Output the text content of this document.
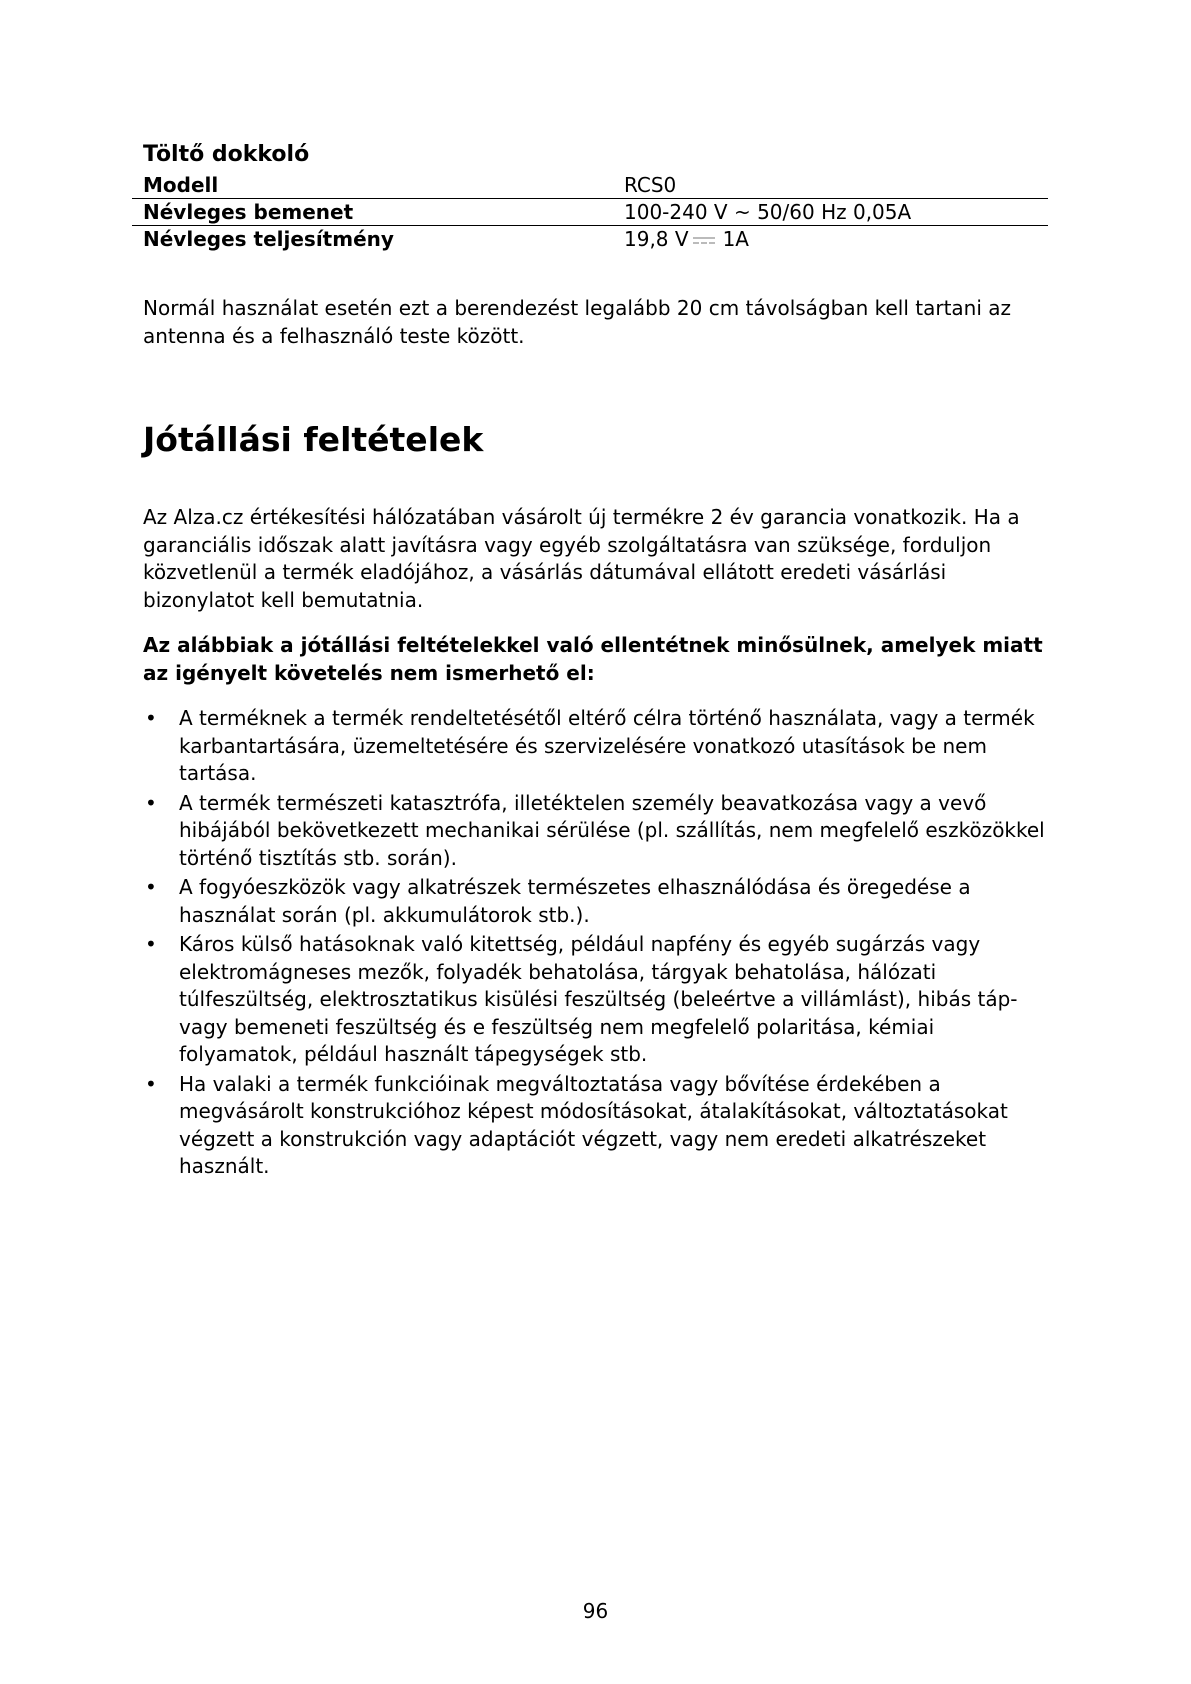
Töltő dokkoló
Modell	RCS0
Névleges bemenet	100-240 V ~ 50/60 Hz 0,05A
Névleges teljesítmény	19,8 V 1A

Normál használat esetén ezt a berendezést legalább 20 cm távolságban kell tartani az antenna és a felhasználó teste között.

Jótállási feltételek

Az Alza.cz értékesítési hálózatában vásárolt új termékre 2 év garancia vonatkozik. Ha a garanciális időszak alatt javításra vagy egyéb szolgáltatásra van szüksége, forduljon közvetlenül a termék eladójához, a vásárlás dátumával ellátott eredeti vásárlási bizonylatot kell bemutatnia.

Az alábbiak a jótállási feltételekkel való ellentétnek minősülnek, amelyek miatt az igényelt követelés nem ismerhető el:

• A terméknek a termék rendeltetésétől eltérő célra történő használata, vagy a termék karbantartására, üzemeltetésére és szervizelésére vonatkozó utasítások be nem tartása.
• A termék természeti katasztrófa, illetéktelen személy beavatkozása vagy a vevő hibájából bekövetkezett mechanikai sérülése (pl. szállítás, nem megfelelő eszközökkel történő tisztítás stb. során).
• A fogyóeszközök vagy alkatrészek természetes elhasználódása és öregedése a használat során (pl. akkumulátorok stb.).
• Káros külső hatásoknak való kitettség, például napfény és egyéb sugárzás vagy elektromágneses mezők, folyadék behatolása, tárgyak behatolása, hálózati túlfeszültség, elektrosztatikus kisülési feszültség (beleértve a villámlást), hibás táp- vagy bemeneti feszültség és e feszültség nem megfelelő polaritása, kémiai folyamatok, például használt tápegységek stb.
• Ha valaki a termék funkcióinak megváltoztatása vagy bővítése érdekében a megvásárolt konstrukcióhoz képest módosításokat, átalakításokat, változtatásokat végzett a konstrukción vagy adaptációt végzett, vagy nem eredeti alkatrészeket használt.
96
